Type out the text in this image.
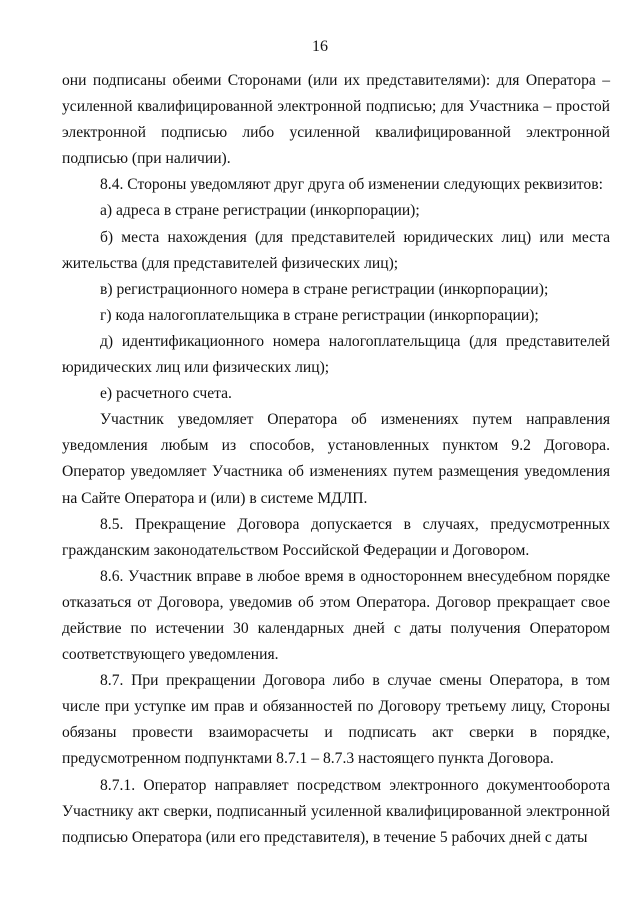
16

они подписаны обеими Сторонами (или их представителями): для Оператора – усиленной квалифицированной электронной подписью; для Участника – простой электронной подписью либо усиленной квалифицированной электронной подписью (при наличии).

8.4. Стороны уведомляют друг друга об изменении следующих реквизитов:

а) адреса в стране регистрации (инкорпорации);

б) места нахождения (для представителей юридических лиц) или места жительства (для представителей физических лиц);

в) регистрационного номера в стране регистрации (инкорпорации);

г) кода налогоплательщика в стране регистрации (инкорпорации);

д) идентификационного номера налогоплательщица (для представителей юридических лиц или физических лиц);

е) расчетного счета.

Участник уведомляет Оператора об изменениях путем направления уведомления любым из способов, установленных пунктом 9.2 Договора. Оператор уведомляет Участника об изменениях путем размещения уведомления на Сайте Оператора и (или) в системе МДЛП.

8.5. Прекращение Договора допускается в случаях, предусмотренных гражданским законодательством Российской Федерации и Договором.

8.6. Участник вправе в любое время в одностороннем внесудебном порядке отказаться от Договора, уведомив об этом Оператора. Договор прекращает свое действие по истечении 30 календарных дней с даты получения Оператором соответствующего уведомления.

8.7. При прекращении Договора либо в случае смены Оператора, в том числе при уступке им прав и обязанностей по Договору третьему лицу, Стороны обязаны провести взаиморасчеты и подписать акт сверки в порядке, предусмотренном подпунктами 8.7.1 – 8.7.3 настоящего пункта Договора.

8.7.1. Оператор направляет посредством электронного документооборота Участнику акт сверки, подписанный усиленной квалифицированной электронной подписью Оператора (или его представителя), в течение 5 рабочих дней с даты
